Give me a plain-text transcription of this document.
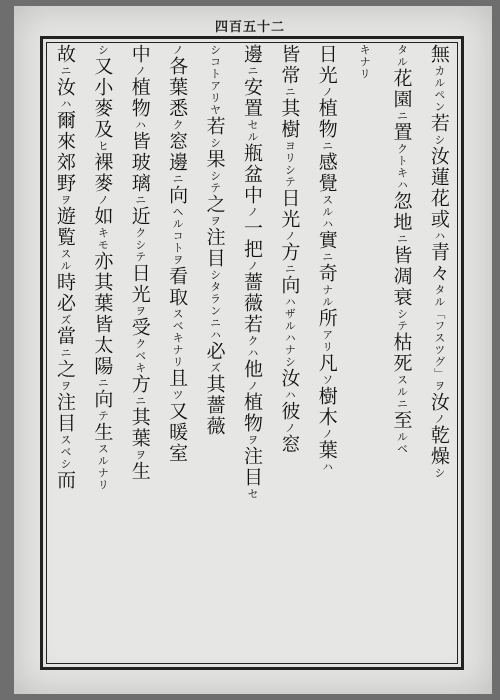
四百五十二
無カルペン若シ汝蓮花或ハ青々タル「フスツグ」ヲ汝ノ乾燥シ
タル花園ニ置クトキハ忽地ニ皆凋衰シテ枯死スルニ至ルベ
キナリ
日光ノ植物ニ感覺スルハ實ニ奇ナル所アリ凡ソ樹木ノ葉ハ
皆常ニ其樹ヨリシテ日光ノ方ニ向ハザルハナシ汝ハ彼ノ窓
邊ニ安置セル瓶盆中ノ一把ノ薔薇若クハ他ノ植物ヲ注目セ
シコトアリヤ若シ果シテ之ヲ注目シタランニハ必ズ其薔薇
ノ各葉悉ク窓邊ニ向ヘルコトヲ看取スベキナリ且ツ又暖室
中ノ植物ハ皆玻璃ニ近クシテ日光ヲ受クベキ方ニ其葉ヲ生
シ又小麥及ヒ裸麥ノ如キモ亦其葉皆太陽ニ向テ生スルナリ
故ニ汝ハ爾來郊野ヲ遊覧スル時必ズ當ニ之ヲ注目スベシ而
